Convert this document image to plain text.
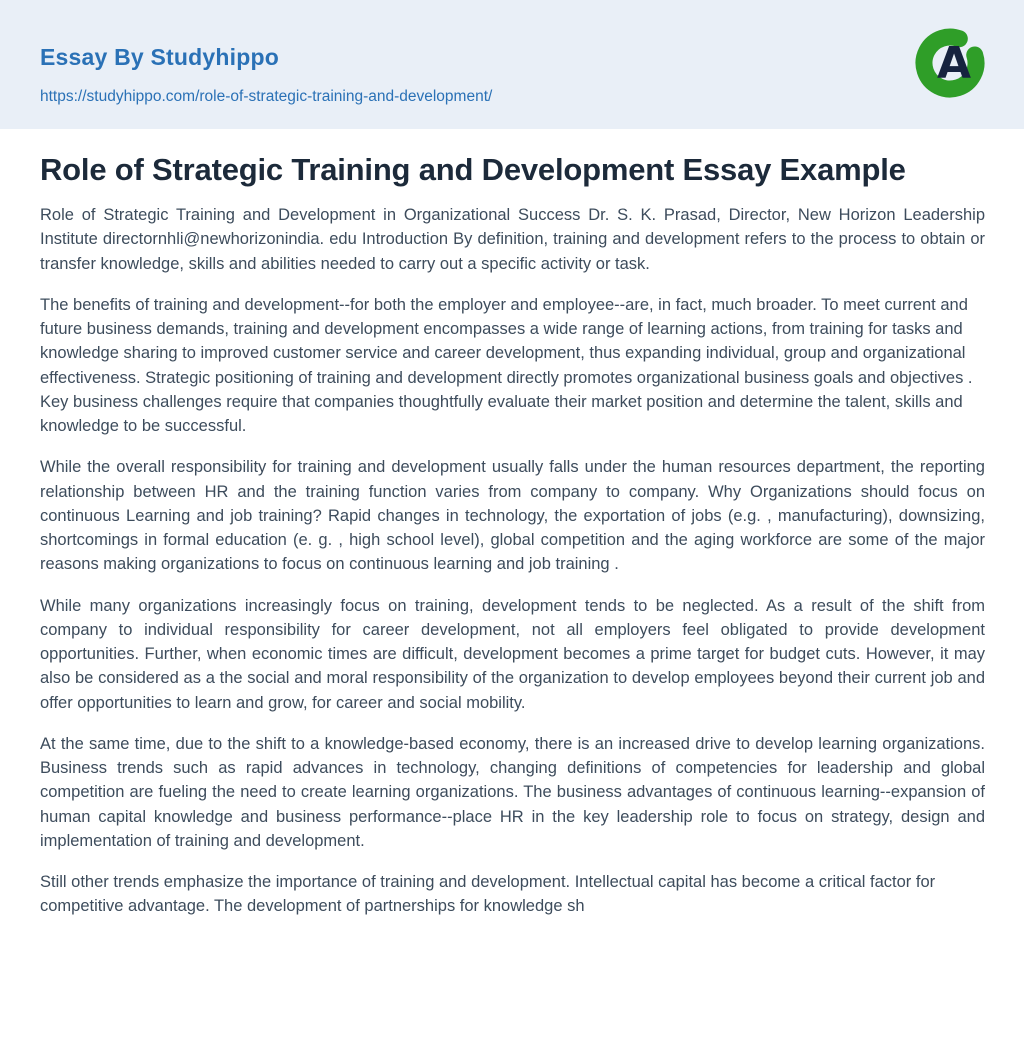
Essay By Studyhippo
https://studyhippo.com/role-of-strategic-training-and-development/
A
Role of Strategic Training and Development Essay Example

Role of Strategic Training and Development in Organizational Success Dr. S. K. Prasad, Director, New Horizon Leadership Institute directornhli@newhorizonindia. edu Introduction By definition, training and development refers to the process to obtain or transfer knowledge, skills and abilities needed to carry out a specific activity or task.

The benefits of training and development--for both the employer and employee--are, in fact, much broader. To meet current and future business demands, training and development encompasses a wide range of learning actions, from training for tasks and knowledge sharing to improved customer service and career development, thus expanding individual, group and organizational effectiveness. Strategic positioning of training and development directly promotes organizational business goals and objectives . Key business challenges require that companies thoughtfully evaluate their market position and determine the talent, skills and knowledge to be successful.

While the overall responsibility for training and development usually falls under the human resources department, the reporting relationship between HR and the training function varies from company to company. Why Organizations should focus on continuous Learning and job training? Rapid changes in technology, the exportation of jobs (e.g. , manufacturing), downsizing, shortcomings in formal education (e. g. , high school level), global competition and the aging workforce are some of the major reasons making organizations to focus on continuous learning and job training .

While many organizations increasingly focus on training, development tends to be neglected. As a result of the shift from company to individual responsibility for career development, not all employers feel obligated to provide development opportunities. Further, when economic times are difficult, development becomes a prime target for budget cuts. However, it may also be considered as a the social and moral responsibility of the organization to develop employees beyond their current job and offer opportunities to learn and grow, for career and social mobility.

At the same time, due to the shift to a knowledge-based economy, there is an increased drive to develop learning organizations. Business trends such as rapid advances in technology, changing definitions of competencies for leadership and global competition are fueling the need to create learning organizations. The business advantages of continuous learning--expansion of human capital knowledge and business performance--place HR in the key leadership role to focus on strategy, design and implementation of training and development.

Still other trends emphasize the importance of training and development. Intellectual capital has become a critical factor for competitive advantage. The development of partnerships for knowledge sh
